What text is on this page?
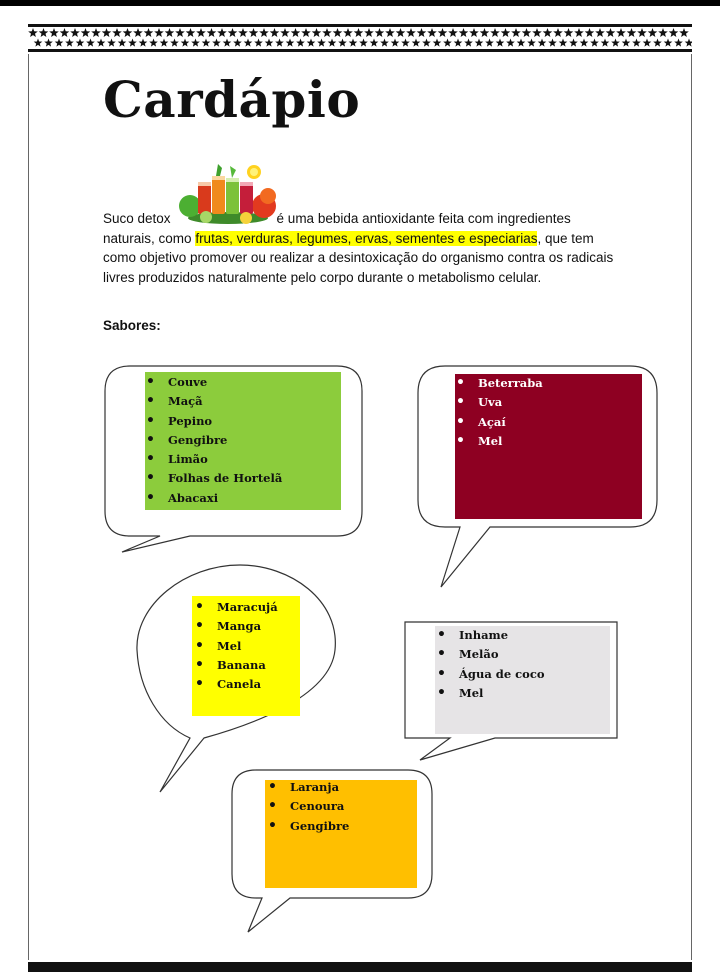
Cardápio

Suco detox	é uma bebida antioxidante feita com ingredientes naturais, como frutas, verduras, legumes, ervas, sementes e especiarias, que tem como objetivo promover ou realizar a desintoxicação do organismo contra os radicais livres produzidos naturalmente pelo corpo durante o metabolismo celular.

Sabores:
• Couve
• Maçã
• Pepino
• Gengibre
• Limão
• Folhas de Hortelã
• Abacaxi
• Beterraba
• Uva
• Açaí
• Mel
• Maracujá
• Manga
• Mel
• Banana
• Canela
• Inhame
• Melão
• Água de coco
• Mel
• Laranja
• Cenoura
• Gengibre
